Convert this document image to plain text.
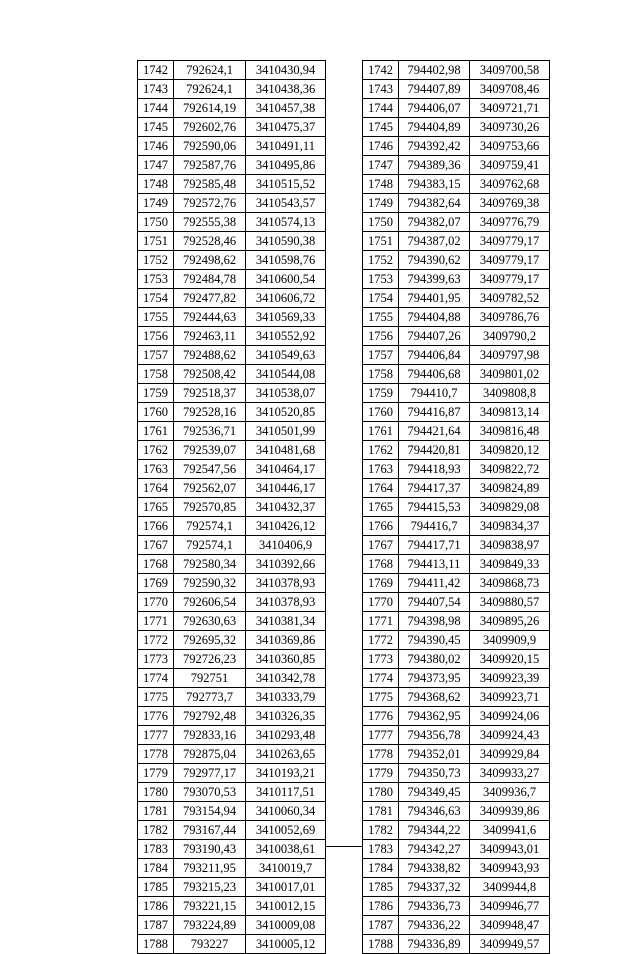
1742	792624,1	3410430,94
1743	792624,1	3410438,36
1744	792614,19	3410457,38
1745	792602,76	3410475,37
1746	792590,06	3410491,11
1747	792587,76	3410495,86
1748	792585,48	3410515,52
1749	792572,76	3410543,57
1750	792555,38	3410574,13
1751	792528,46	3410590,38
1752	792498,62	3410598,76
1753	792484,78	3410600,54
1754	792477,82	3410606,72
1755	792444,63	3410569,33
1756	792463,11	3410552,92
1757	792488,62	3410549,63
1758	792508,42	3410544,08
1759	792518,37	3410538,07
1760	792528,16	3410520,85
1761	792536,71	3410501,99
1762	792539,07	3410481,68
1763	792547,56	3410464,17
1764	792562,07	3410446,17
1765	792570,85	3410432,37
1766	792574,1	3410426,12
1767	792574,1	3410406,9
1768	792580,34	3410392,66
1769	792590,32	3410378,93
1770	792606,54	3410378,93
1771	792630,63	3410381,34
1772	792695,32	3410369,86
1773	792726,23	3410360,85
1774	792751	3410342,78
1775	792773,7	3410333,79
1776	792792,48	3410326,35
1777	792833,16	3410293,48
1778	792875,04	3410263,65
1779	792977,17	3410193,21
1780	793070,53	3410117,51
1781	793154,94	3410060,34
1782	793167,44	3410052,69
1783	793190,43	3410038,61
1784	793211,95	3410019,7
1785	793215,23	3410017,01
1786	793221,15	3410012,15
1787	793224,89	3410009,08
1788	793227	3410005,12
1742	794402,98	3409700,58
1743	794407,89	3409708,46
1744	794406,07	3409721,71
1745	794404,89	3409730,26
1746	794392,42	3409753,66
1747	794389,36	3409759,41
1748	794383,15	3409762,68
1749	794382,64	3409769,38
1750	794382,07	3409776,79
1751	794387,02	3409779,17
1752	794390,62	3409779,17
1753	794399,63	3409779,17
1754	794401,95	3409782,52
1755	794404,88	3409786,76
1756	794407,26	3409790,2
1757	794406,84	3409797,98
1758	794406,68	3409801,02
1759	794410,7	3409808,8
1760	794416,87	3409813,14
1761	794421,64	3409816,48
1762	794420,81	3409820,12
1763	794418,93	3409822,72
1764	794417,37	3409824,89
1765	794415,53	3409829,08
1766	794416,7	3409834,37
1767	794417,71	3409838,97
1768	794413,11	3409849,33
1769	794411,42	3409868,73
1770	794407,54	3409880,57
1771	794398,98	3409895,26
1772	794390,45	3409909,9
1773	794380,02	3409920,15
1774	794373,95	3409923,39
1775	794368,62	3409923,71
1776	794362,95	3409924,06
1777	794356,78	3409924,43
1778	794352,01	3409929,84
1779	794350,73	3409933,27
1780	794349,45	3409936,7
1781	794346,63	3409939,86
1782	794344,22	3409941,6
1783	794342,27	3409943,01
1784	794338,82	3409943,93
1785	794337,32	3409944,8
1786	794336,73	3409946,77
1787	794336,22	3409948,47
1788	794336,89	3409949,57
